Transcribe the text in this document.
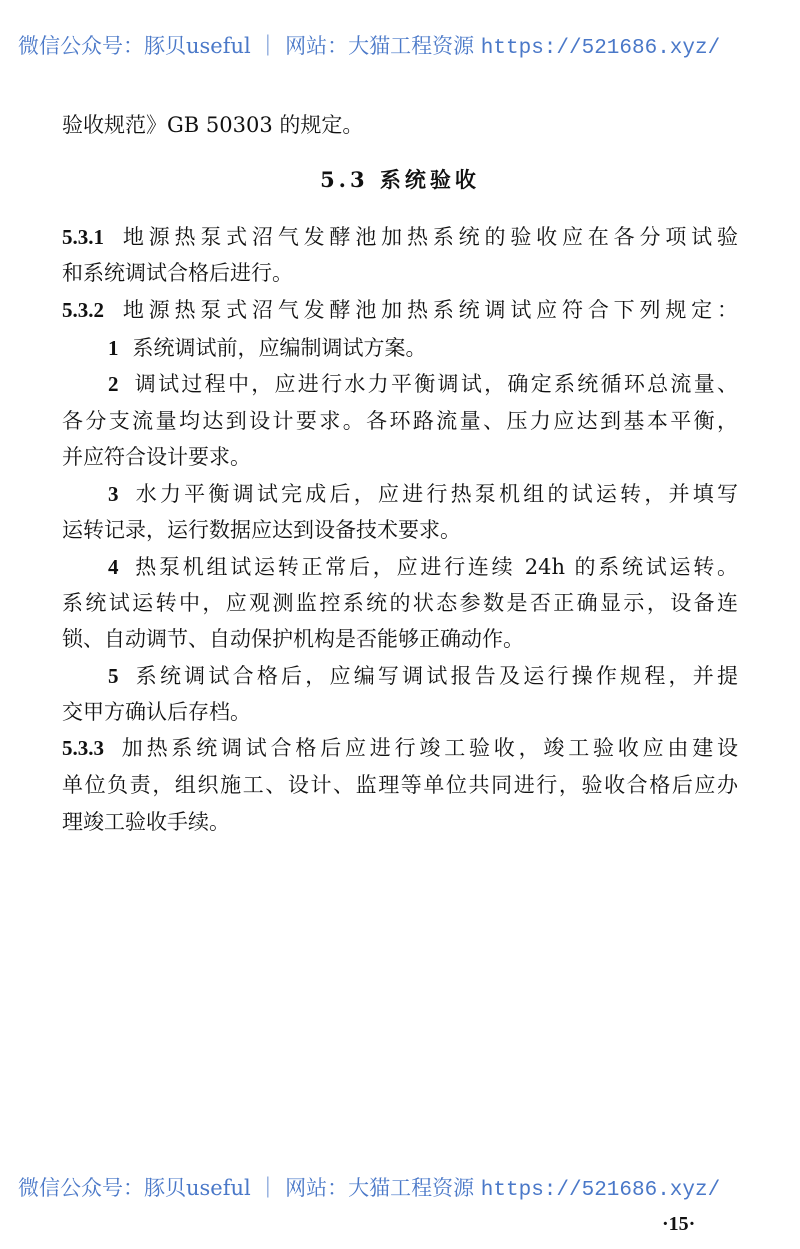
微信公众号：豚贝useful ｜ 网站：大猫工程资源 https://521686.xyz/
验收规范》GB 50303 的规定。
5.3 系统验收
5.3.1 地源热泵式沼气发酵池加热系统的验收应在各分项试验
和系统调试合格后进行。
5.3.2 地源热泵式沼气发酵池加热系统调试应符合下列规定：
1 系统调试前，应编制调试方案。
2 调试过程中，应进行水力平衡调试，确定系统循环总流量、
各分支流量均达到设计要求。各环路流量、压力应达到基本平衡，
并应符合设计要求。
3 水力平衡调试完成后，应进行热泵机组的试运转，并填写
运转记录，运行数据应达到设备技术要求。
4 热泵机组试运转正常后，应进行连续 24h 的系统试运转。
系统试运转中，应观测监控系统的状态参数是否正确显示，设备连
锁、自动调节、自动保护机构是否能够正确动作。
5 系统调试合格后，应编写调试报告及运行操作规程，并提
交甲方确认后存档。
5.3.3 加热系统调试合格后应进行竣工验收，竣工验收应由建设
单位负责，组织施工、设计、监理等单位共同进行，验收合格后应办
理竣工验收手续。
微信公众号：豚贝useful ｜ 网站：大猫工程资源 https://521686.xyz/
·15·
